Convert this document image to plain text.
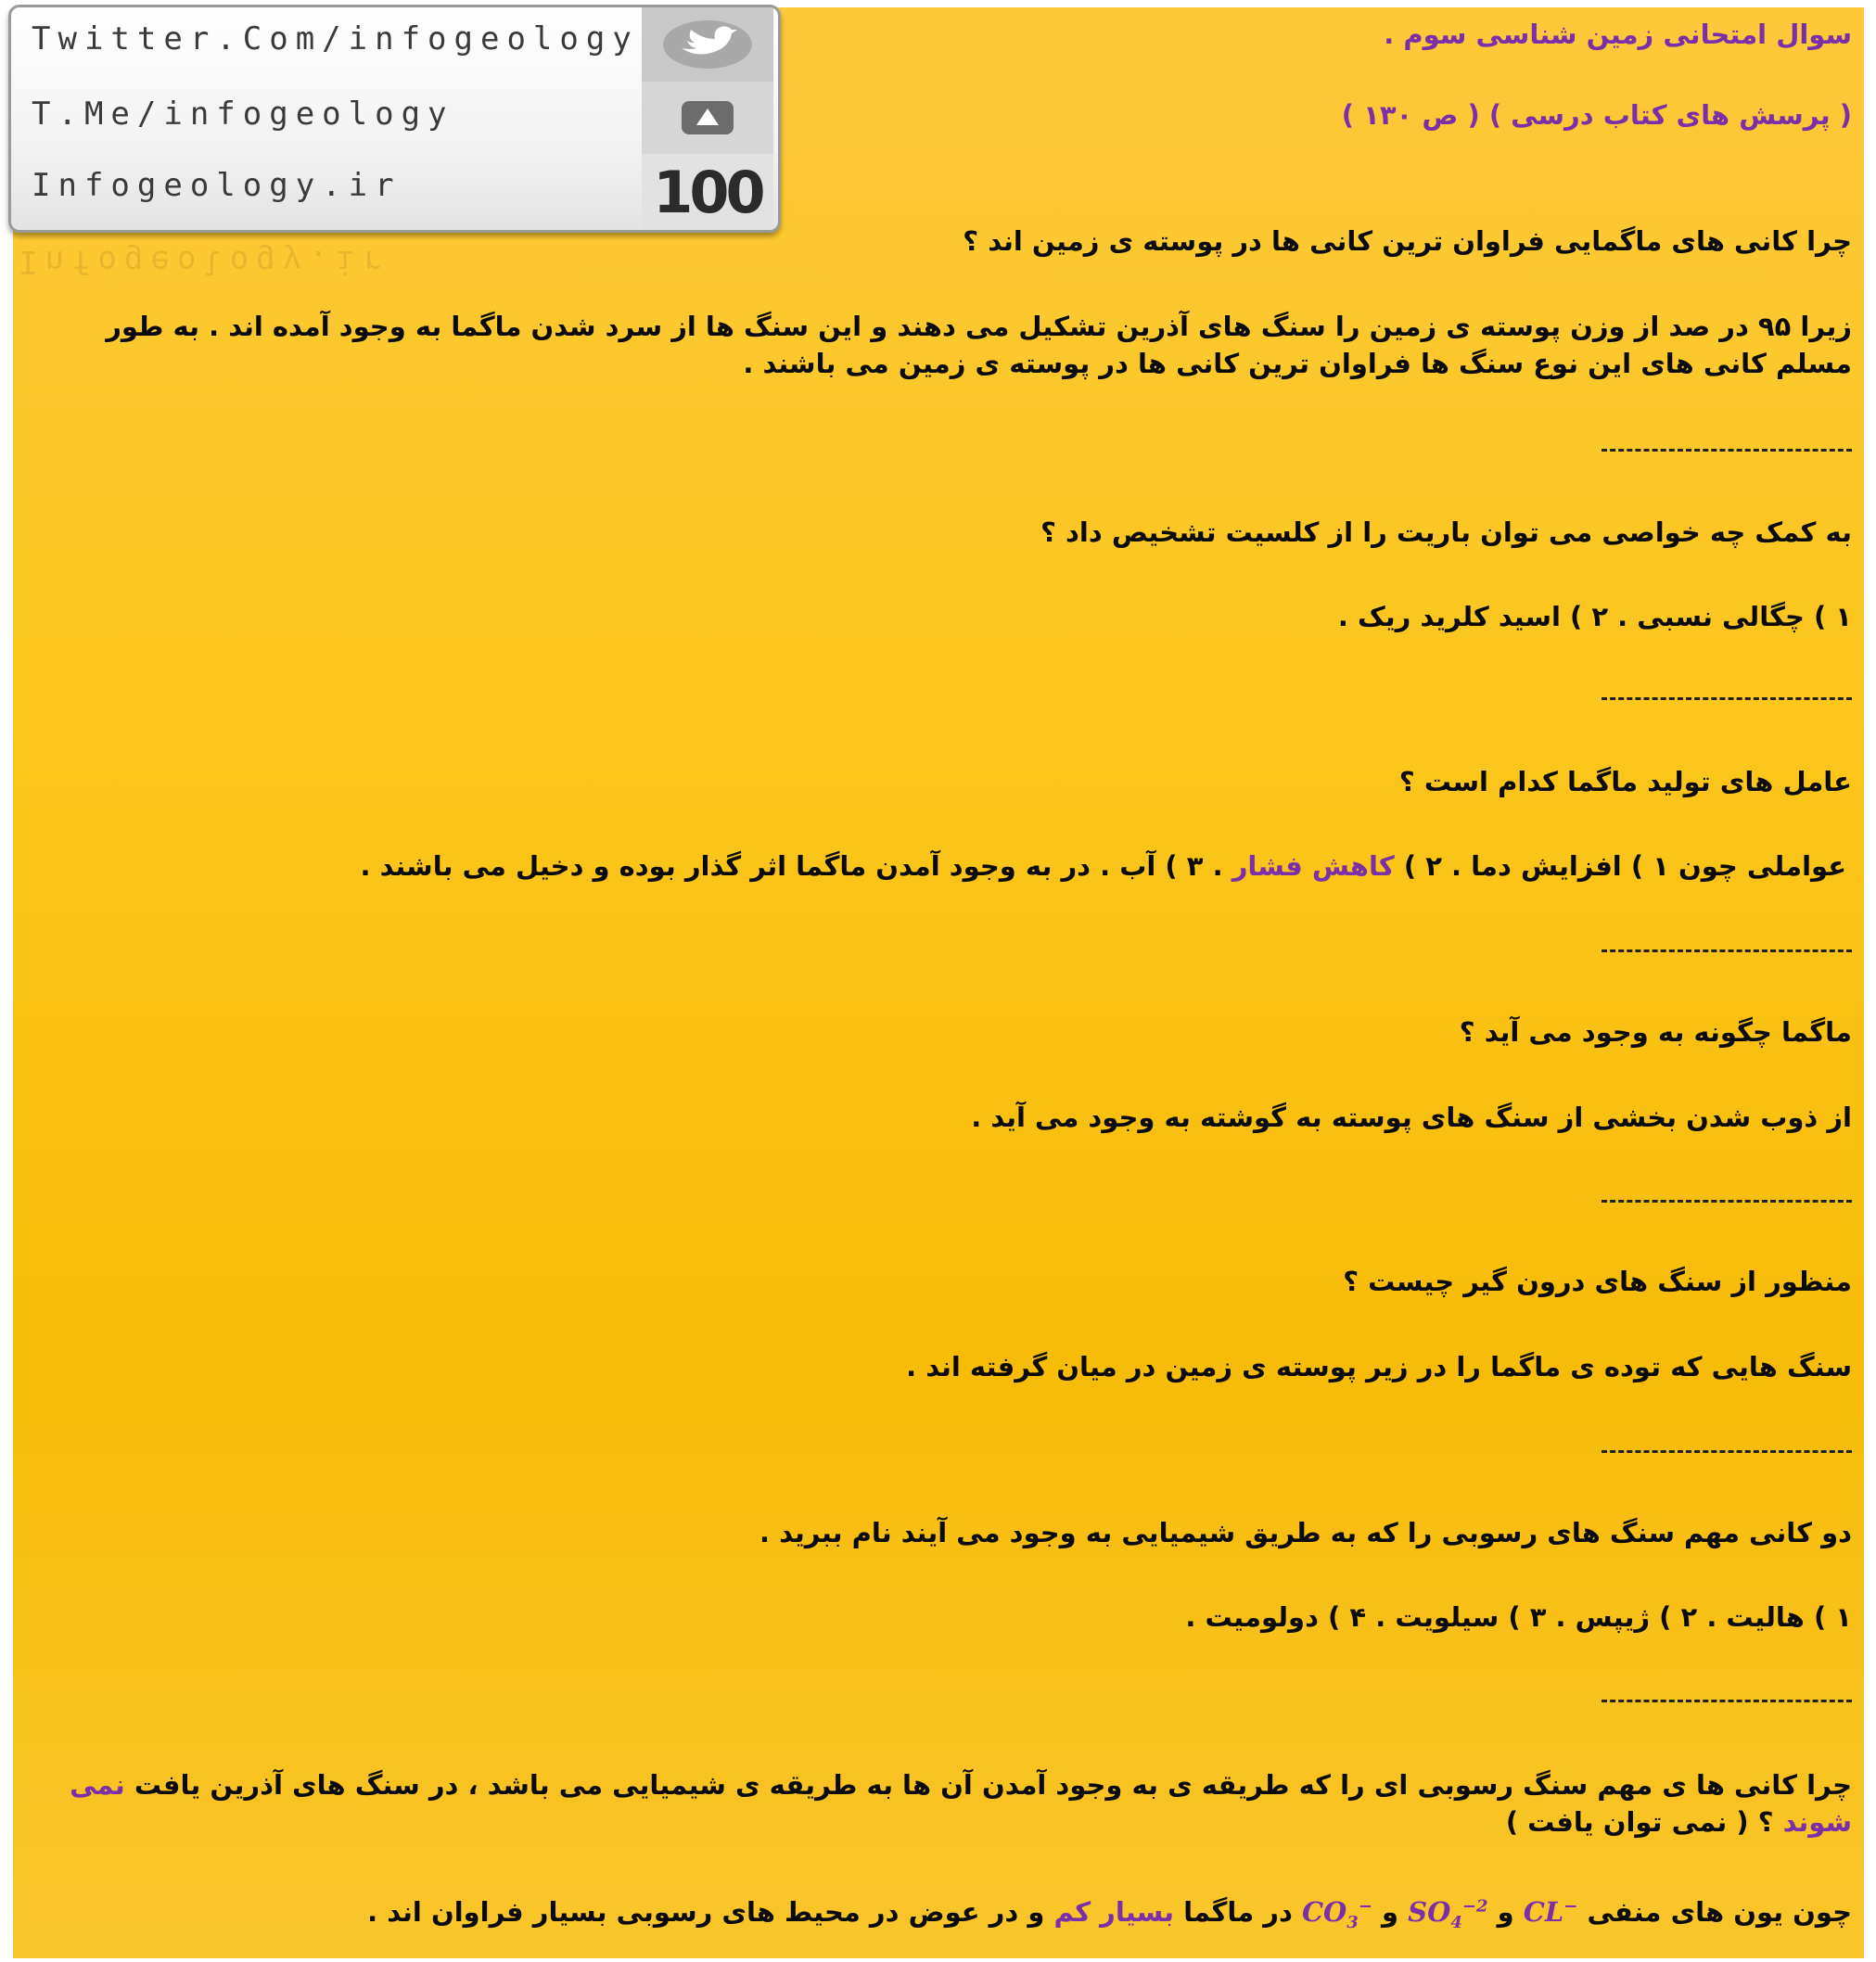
Twitter.Com/infogeology
T.Me/infogeology
Infogeology.ir	100
Infogeology.ir
سوال امتحانی زمین شناسی سوم .
( پرسش های کتاب درسی ) ( ص ۱۳۰ )
چرا کانی های ماگمایی فراوان ترین کانی ها در پوسته ی زمین اند ؟
زیرا ۹۵ در صد از وزن پوسته ی زمین را سنگ های آذرین تشکیل می دهند و این سنگ ها از سرد شدن ماگما به وجود آمده اند . به طور مسلم کانی های این نوع سنگ ها فراوان ترین کانی ها در پوسته ی زمین می باشند .
به کمک چه خواصی می توان باریت را از کلسیت تشخیص داد ؟
۱ ) چگالی نسبی . ۲ ) اسید کلرید ریک .
عامل های تولید ماگما کدام است ؟
عواملی چون ۱ ) افزایش دما . ۲ ) کاهش فشار . ۳ ) آب . در به وجود آمدن ماگما اثر گذار بوده و دخیل می باشند .
ماگما چگونه به وجود می آید ؟
از ذوب شدن بخشی از سنگ های پوسته به گوشته به وجود می آید .
منظور از سنگ های درون گیر چیست ؟
سنگ هایی که توده ی ماگما را در زیر پوسته ی زمین در میان گرفته اند .
دو کانی مهم سنگ های رسوبی را که به طریق شیمیایی به وجود می آیند نام ببرید .
۱ ) هالیت . ۲ ) ژیپس . ۳ ) سیلویت . ۴ ) دولومیت .
چرا کانی ها ی مهم سنگ رسوبی ای را که طریقه ی به وجود آمدن آن ها به طریقه ی شیمیایی می باشد ، در سنگ های آذرین یافت نمی شوند ؟ ( نمی توان یافت )
چون یون های منفی CL− و $SO_4^{-2}$ و $CO_3^-$ در ماگما بسیار کم و در عوض در محیط های رسوبی بسیار فراوان اند .
